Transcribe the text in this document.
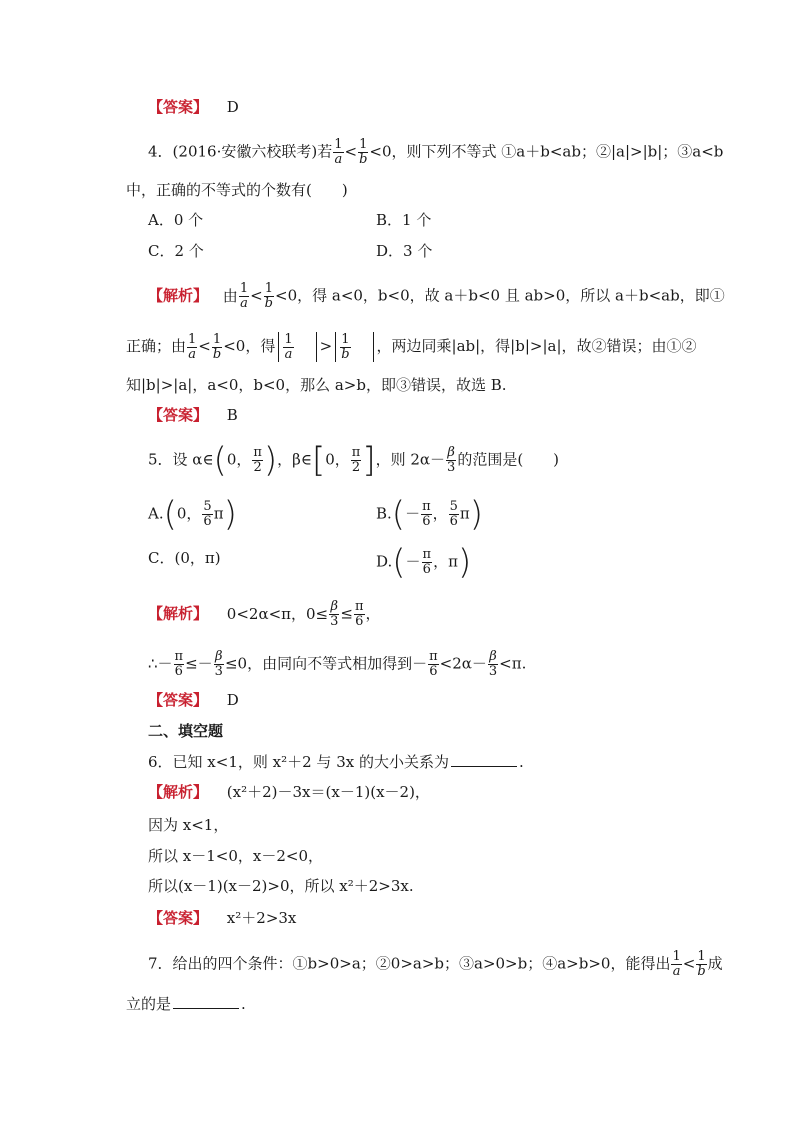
【答案】 D
4．(2016·安徽六校联考)若 $\frac{1}{a} < \frac{1}{b} <0$，则下列不等式 ①a＋b<ab；②|a|>|b|；③a<b
中，正确的不等式的个数有(　　)
A．0 个	B．1 个
C．2 个	D．3 个
【解析】 由 $\frac{1}{a} < \frac{1}{b} <0$，得 a<0，b<0，故 a＋b<0 且 ab>0，所以 a＋b<ab，即①
正确；由 $\frac{1}{a} < \frac{1}{b} <0$，得 $\frac{1}{a} > \frac{1}{b}$ ，两边同乘|ab|，得|b|>|a|，故②错误；由①②
知|b|>|a|，a<0，b<0，那么 a>b，即③错误，故选 B.
【答案】 B
5．设 α∈(0， $\frac{\pi}{2}$ )，β∈[0， $\frac{\pi}{2}$ ]，则 $2\alpha- \frac{\beta}{3}$ 的范围是(　　)
A.(0， $\frac{5}{6} \pi$)	$B.(- \frac{\pi}{6}$ ， $\frac{5}{6} \pi$)
C．(0，π)	$D.(- \frac{\pi}{6}$ ，π)
【解析】 0<2α<π，$0\le \frac{\beta}{3} \le \frac{\pi}{6}$ ，
∴－ $\frac{\pi}{6} \le- \frac{\beta}{3} \le 0$，由同向不等式相加得到－ $\frac{\pi}{6} <2\alpha- \frac{\beta}{3} <\pi$.
【答案】 D
二、填空题
6．已知 x<1，则 x²＋2 与 3x 的大小关系为	.
【解析】 (x²＋2)－3x＝(x－1)(x－2)，
因为 x<1，
所以 x－1<0，x－2<0，
所以(x－1)(x－2)>0，所以 x²＋2>3x.
【答案】 x²＋2>3x
7．给出的四个条件：①b>0>a；②0>a>b；③a>0>b；④a>b>0，能得出 $\frac{1}{a} < \frac{1}{b}$ 成
立的是	.
